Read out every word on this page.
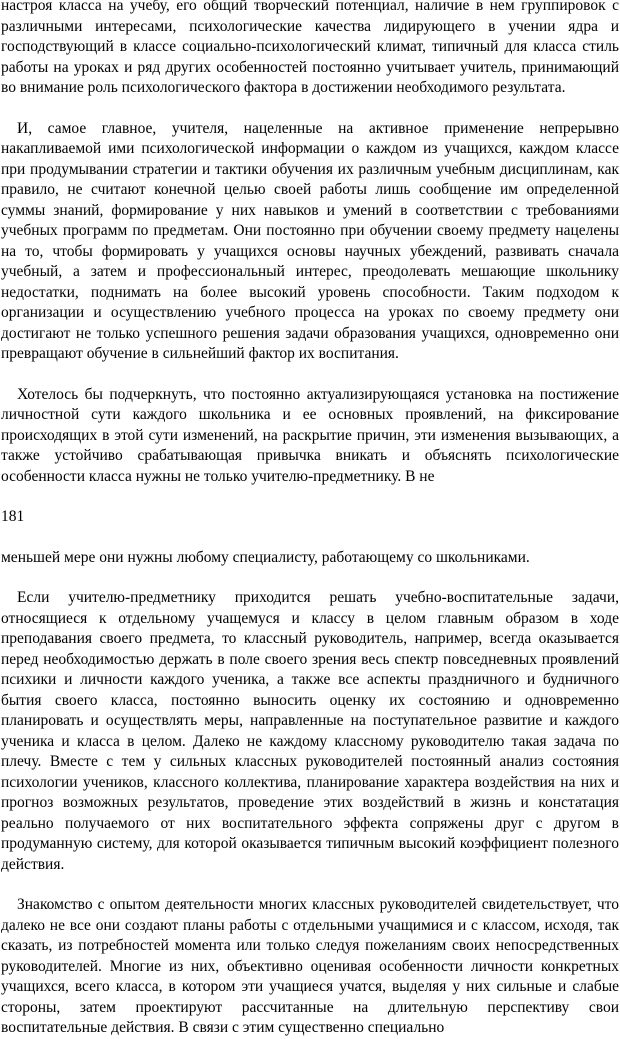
настроя класса на учебу, его общий творческий потенциал, наличие в нем группировок с различными интересами, психологические качества лидирующего в учении ядра и господствующий в классе социально-психологический климат, типичный для класса стиль работы на уроках и ряд других особенностей постоянно учитывает учитель, принимающий во внимание роль психологического фактора в достижении необходимого результата.

И, самое главное, учителя, нацеленные на активное применение непрерывно накапливаемой ими психологической информации о каждом из учащихся, каждом классе при продумывании стратегии и тактики обучения их различным учебным дисциплинам, как правило, не считают конечной целью своей работы лишь сообщение им определенной суммы знаний, формирование у них навыков и умений в соответствии с требованиями учебных программ по предметам. Они постоянно при обучении своему предмету нацелены на то, чтобы формировать у учащихся основы научных убеждений, развивать сначала учебный, а затем и профессиональный интерес, преодолевать мешающие школьнику недостатки, поднимать на более высокий уровень способности. Таким подходом к организации и осуществлению учебного процесса на уроках по своему предмету они достигают не только успешного решения задачи образования учащихся, одновременно они превращают обучение в сильнейший фактор их воспитания.

Хотелось бы подчеркнуть, что постоянно актуализирующаяся установка на постижение личностной сути каждого школьника и ее основных проявлений, на фиксирование происходящих в этой сути изменений, на раскрытие причин, эти изменения вызывающих, а также устойчиво срабатывающая привычка вникать и объяснять психологические особенности класса нужны не только учителю-предметнику. В не

181

меньшей мере они нужны любому специалисту, работающему со школьниками.

Если учителю-предметнику приходится решать учебно-воспитательные задачи, относящиеся к отдельному учащемуся и классу в целом главным образом в ходе преподавания своего предмета, то классный руководитель, например, всегда оказывается перед необходимостью держать в поле своего зрения весь спектр повседневных проявлений психики и личности каждого ученика, а также все аспекты праздничного и будничного бытия своего класса, постоянно выносить оценку их состоянию и одновременно планировать и осуществлять меры, направленные на поступательное развитие и каждого ученика и класса в целом. Далеко не каждому классному руководителю такая задача по плечу. Вместе с тем у сильных классных руководителей постоянный анализ состояния психологии учеников, классного коллектива, планирование характера воздействия на них и прогноз возможных результатов, проведение этих воздействий в жизнь и констатация реально получаемого от них воспитательного эффекта сопряжены друг с другом в продуманную систему, для которой оказывается типичным высокий коэффициент полезного действия.

Знакомство с опытом деятельности многих классных руководителей свидетельствует, что далеко не все они создают планы работы с отдельными учащимися и с классом, исходя, так сказать, из потребностей момента или только следуя пожеланиям своих непосредственных руководителей. Многие из них, объективно оценивая особенности личности конкретных учащихся, всего класса, в котором эти учащиеся учатся, выделяя у них сильные и слабые стороны, затем проектируют рассчитанные на длительную перспективу свои воспитательные действия. В связи с этим существенно специально
